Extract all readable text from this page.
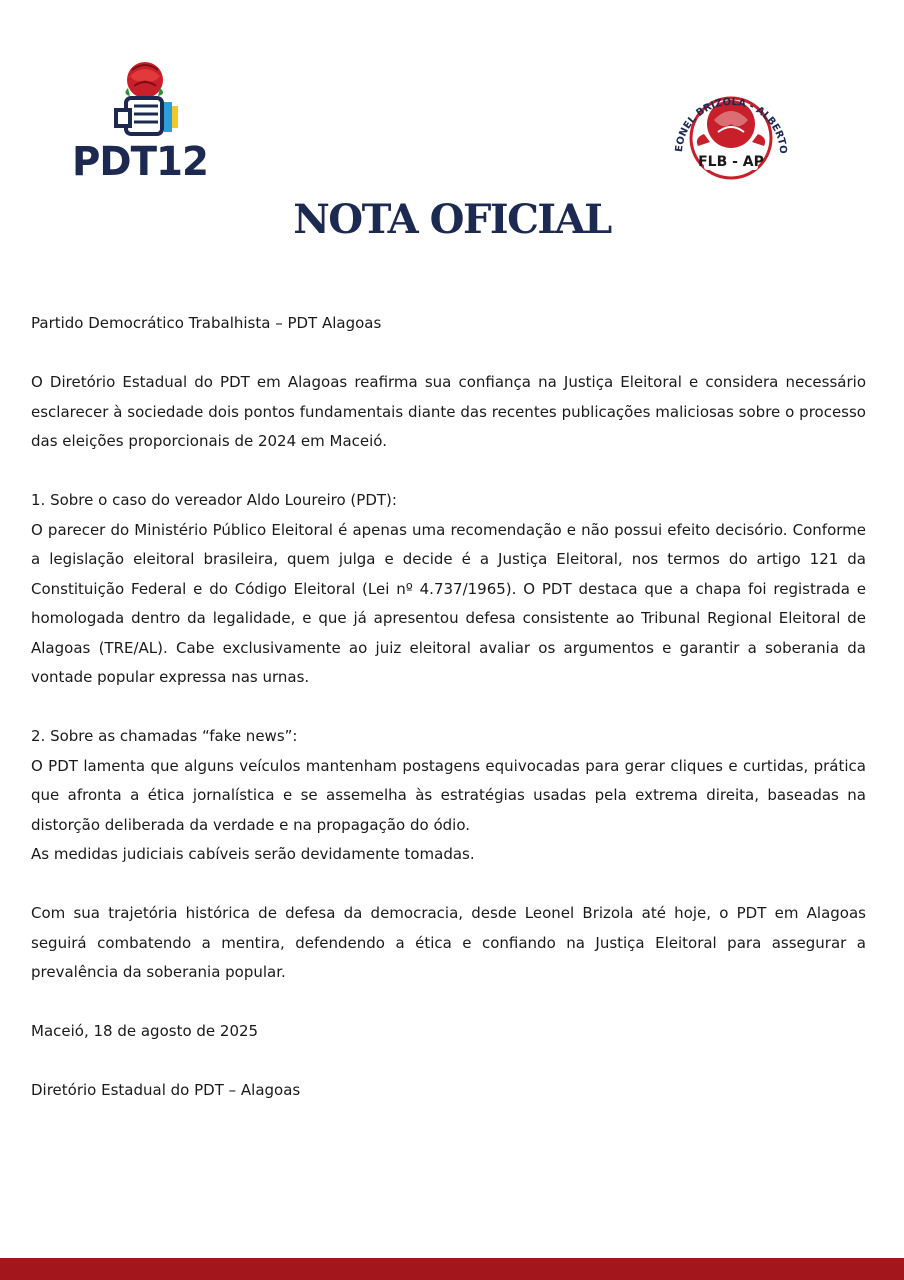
PDT12	EONEL BRIZOLA - ALBERTO
FLB - AP
NOTA OFICIAL

Partido Democrático Trabalhista – PDT Alagoas

O Diretório Estadual do PDT em Alagoas reafirma sua confiança na Justiça Eleitoral e considera necessário esclarecer à sociedade dois pontos fundamentais diante das recentes publicações maliciosas sobre o processo das eleições proporcionais de 2024 em Maceió.

1. Sobre o caso do vereador Aldo Loureiro (PDT):

O parecer do Ministério Público Eleitoral é apenas uma recomendação e não possui efeito decisório. Conforme a legislação eleitoral brasileira, quem julga e decide é a Justiça Eleitoral, nos termos do artigo 121 da Constituição Federal e do Código Eleitoral (Lei nº 4.737/1965). O PDT destaca que a chapa foi registrada e homologada dentro da legalidade, e que já apresentou defesa consistente ao Tribunal Regional Eleitoral de Alagoas (TRE/AL). Cabe exclusivamente ao juiz eleitoral avaliar os argumentos e garantir a soberania da vontade popular expressa nas urnas.

2. Sobre as chamadas “fake news”:

O PDT lamenta que alguns veículos mantenham postagens equivocadas para gerar cliques e curtidas, prática que afronta a ética jornalística e se assemelha às estratégias usadas pela extrema direita, baseadas na distorção deliberada da verdade e na propagação do ódio.

As medidas judiciais cabíveis serão devidamente tomadas.

Com sua trajetória histórica de defesa da democracia, desde Leonel Brizola até hoje, o PDT em Alagoas seguirá combatendo a mentira, defendendo a ética e confiando na Justiça Eleitoral para assegurar a prevalência da soberania popular.

Maceió, 18 de agosto de 2025

Diretório Estadual do PDT – Alagoas
